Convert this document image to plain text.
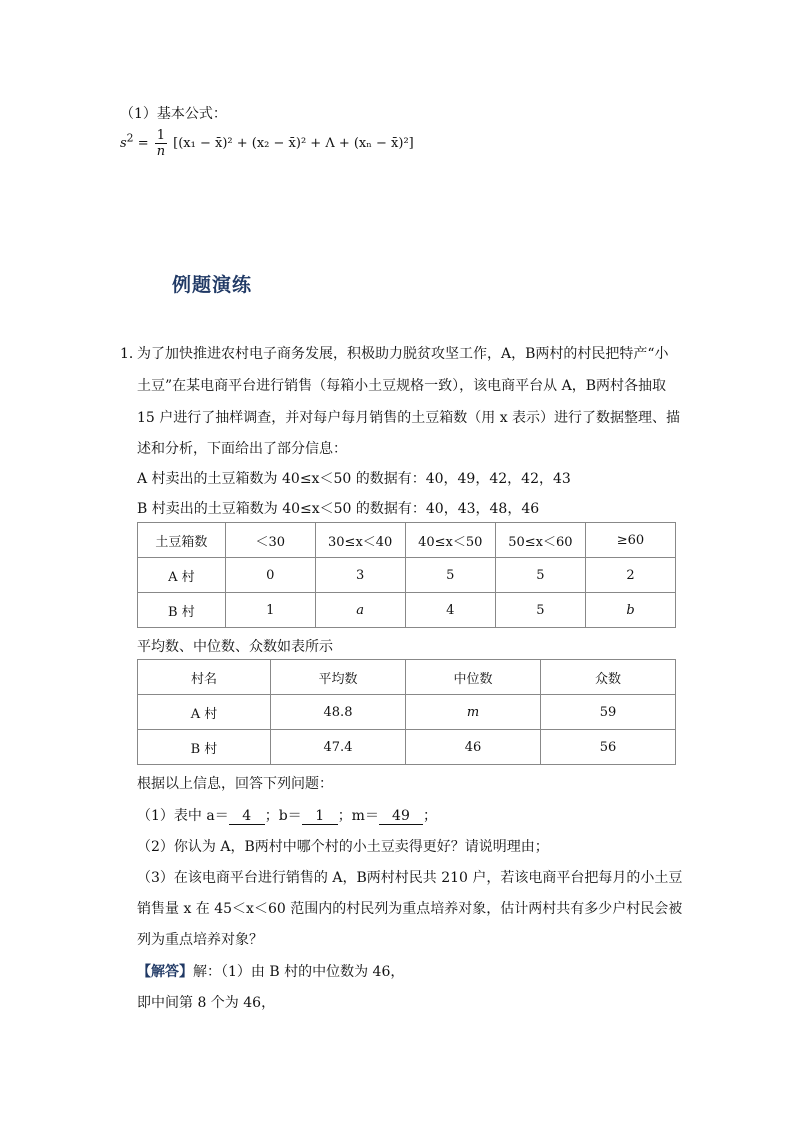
（1）基本公式：
$s^2 = \frac{1}{n} [(x_1$ − x̄)² + (x₂ − x̄)² + Λ + (xₙ − x̄)²]
例题演练
1．
为了加快推进农村电子商务发展，积极助力脱贫攻坚工作，A，B两村的村民把特产“小
土豆”在某电商平台进行销售（每箱小土豆规格一致），该电商平台从 A，B两村各抽取
15 户进行了抽样调查，并对每户每月销售的土豆箱数（用 x 表示）进行了数据整理、描
述和分析，下面给出了部分信息：
A 村卖出的土豆箱数为 40≤x＜50 的数据有：40，49，42，42，43
B 村卖出的土豆箱数为 40≤x＜50 的数据有：40，43，48，46
土豆箱数	＜30	30≤x＜40	40≤x＜50	50≤x＜60	≥60
A 村	0	3	5	5	2
B 村	1	a	4	5	b
平均数、中位数、众数如表所示
村名	平均数	中位数	众数
A 村	48.8	m	59
B 村	47.4	46	56
根据以上信息，回答下列问题：
（1）表中 a＝ 4 ；b＝ 1 ；m＝ 49 ；
（2）你认为 A，B两村中哪个村的小土豆卖得更好？请说明理由；
（3）在该电商平台进行销售的 A，B两村村民共 210 户，若该电商平台把每月的小土豆
销售量 x 在 45＜x＜60 范围内的村民列为重点培养对象，估计两村共有多少户村民会被
列为重点培养对象？
【解答】解：（1）由 B 村的中位数为 46，
即中间第 8 个为 46，
